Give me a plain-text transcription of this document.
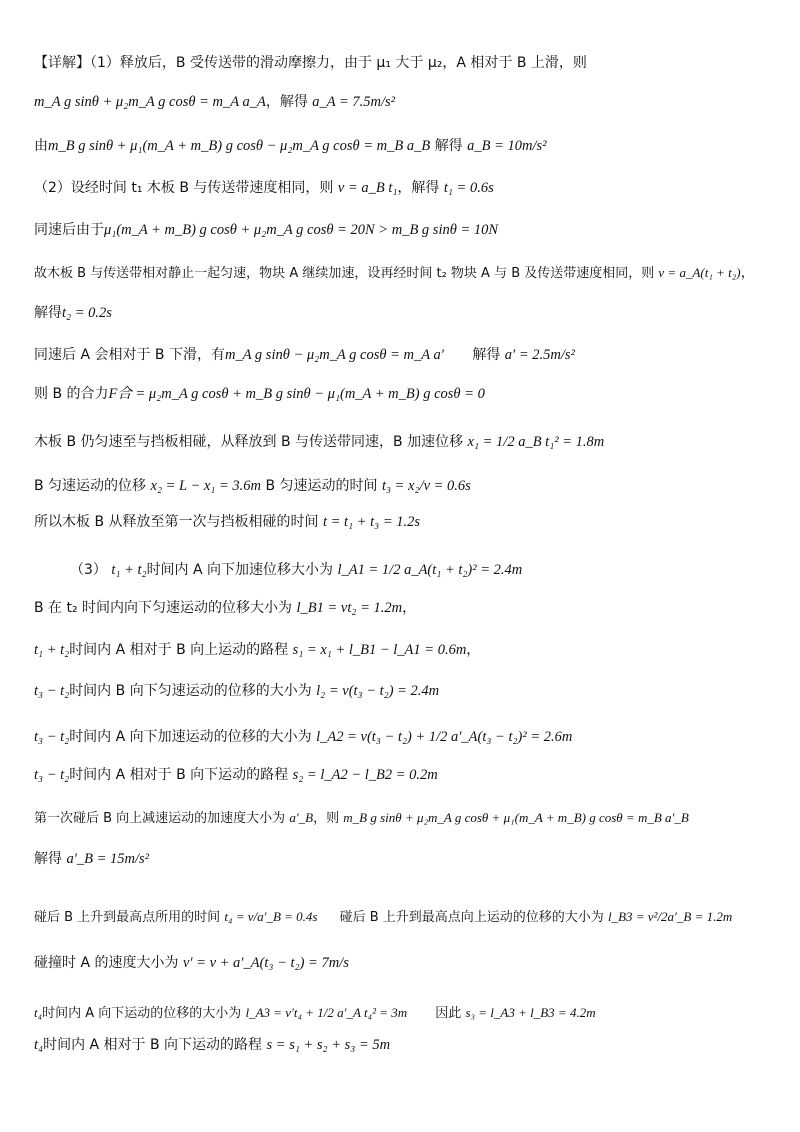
【详解】（1）释放后，B 受传送带的滑动摩擦力，由于 μ₁ 大于 μ₂，A 相对于 B 上滑，则
m_A g sinθ + μ₂m_A g cosθ = m_A a_A，解得 a_A = 7.5m/s²
由m_B g sinθ + μ₁(m_A + m_B) g cosθ − μ₂m_A g cosθ = m_B a_B 解得 a_B = 10m/s²
（2）设经时间 t₁ 木板 B 与传送带速度相同，则 v = a_B t₁，解得 t₁ = 0.6s
同速后由于μ₁(m_A + m_B) g cosθ + μ₂m_A g cosθ = 20N > m_B g sinθ = 10N
故木板 B 与传送带相对静止一起匀速，物块 A 继续加速，设再经时间 t₂ 物块 A 与 B 及传送带速度相同，则 v = a_A(t₁ + t₂)，
解得t₂ = 0.2s
同速后 A 会相对于 B 下滑，有m_A g sinθ − μ₂m_A g cosθ = m_A a′ 解得 a′ = 2.5m/s²
则 B 的合力F合 = μ₂m_A g cosθ + m_B g sinθ − μ₁(m_A + m_B) g cosθ = 0
木板 B 仍匀速至与挡板相碰，从释放到 B 与传送带同速，B 加速位移 x₁ = 1/2 a_B t₁² = 1.8m
B 匀速运动的位移 x₂ = L − x₁ = 3.6m B 匀速运动的时间 t₃ = x₂/v = 0.6s
所以木板 B 从释放至第一次与挡板相碰的时间 t = t₁ + t₃ = 1.2s
（3） t₁ + t₂时间内 A 向下加速位移大小为 l_A1 = 1/2 a_A(t₁ + t₂)² = 2.4m
B 在 t₂ 时间内向下匀速运动的位移大小为 l_B1 = vt₂ = 1.2m，
t₁ + t₂时间内 A 相对于 B 向上运动的路程 s₁ = x₁ + l_B1 − l_A1 = 0.6m，
t₃ − t₂时间内 B 向下匀速运动的位移的大小为 l₂ = v(t₃ − t₂) = 2.4m
t₃ − t₂时间内 A 向下加速运动的位移的大小为 l_A2 = v(t₃ − t₂) + 1/2 a′_A(t₃ − t₂)² = 2.6m
t₃ − t₂时间内 A 相对于 B 向下运动的路程 s₂ = l_A2 − l_B2 = 0.2m
第一次碰后 B 向上减速运动的加速度大小为 a′_B，则 m_B g sinθ + μ₂m_A g cosθ + μ₁(m_A + m_B) g cosθ = m_B a′_B
解得 a′_B = 15m/s²
碰后 B 上升到最高点所用的时间 t₄ = v/a′_B = 0.4s 碰后 B 上升到最高点向上运动的位移的大小为 l_B3 = v²/2a′_B = 1.2m
碰撞时 A 的速度大小为 v′ = v + a′_A(t₃ − t₂) = 7m/s
t₄时间内 A 向下运动的位移的大小为 l_A3 = v′t₄ + 1/2 a′_A t₄² = 3m 因此 s₃ = l_A3 + l_B3 = 4.2m
t₄时间内 A 相对于 B 向下运动的路程 s = s₁ + s₂ + s₃ = 5m
